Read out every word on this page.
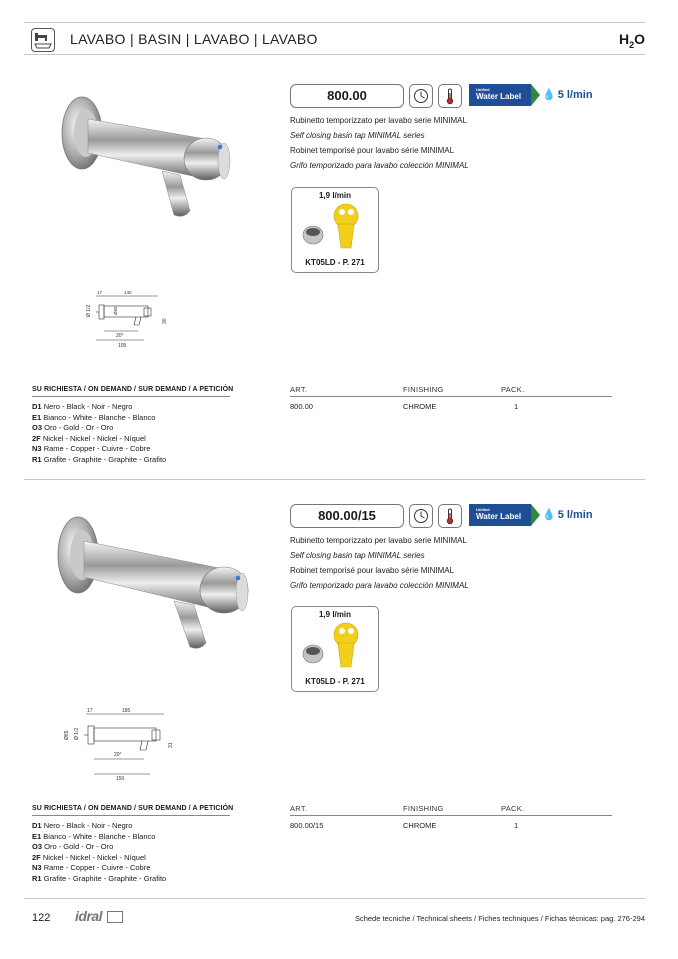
LAVABO | BASIN | LAVABO | LAVABO	$H_2O$
800.00	Unified
Water Label	💧 5 l/min
Rubinetto temporizzato per lavabo serie MINIMAL
Self closing basin tap MINIMAL series
Robinet temporisé pour lavabo série MINIMAL
Grifo temporizado para lavabo colección MINIMAL
1,9 l/min
KT05LD - P. 271
17	140
Ø 1/2	Ø65
30
20°
105
SU RICHIESTA / ON DEMAND / SUR DEMAND / A PETICIÓN
D1 Nero - Black - Noir - Negro
E1 Bianco - White - Blanche - Blanco
O3 Oro - Gold - Or - Oro
2F Nickel - Nickel - Nickel - Níquel
N3 Rame - Copper - Cuivre - Cobre
R1 Grafite - Graphite - Graphite - Grafito
ART.	FINISHING	PACK.
800.00	CHROME	1
800.00/15	Unified
Water Label	💧 5 l/min
Rubinetto temporizzato per lavabo serie MINIMAL
Self closing basin tap MINIMAL series
Robinet temporisé pour lavabo série MINIMAL
Grifo temporizado para lavabo colección MINIMAL
1,9 l/min
KT05LD - P. 271
17	185
Ø 1/2
Ø65
31
20°
150
SU RICHIESTA / ON DEMAND / SUR DEMAND / A PETICIÓN
D1 Nero - Black - Noir - Negro
E1 Bianco - White - Blanche - Blanco
O3 Oro - Gold - Or - Oro
2F Nickel - Nickel - Nickel - Níquel
N3 Rame - Copper - Cuivre - Cobre
R1 Grafite - Graphite - Graphite - Grafito
ART.	FINISHING	PACK.
800.00/15	CHROME	1
122 idral	Schede tecniche / Technical sheets / Fiches techniques / Fichas técnicas: pag. 276-294
